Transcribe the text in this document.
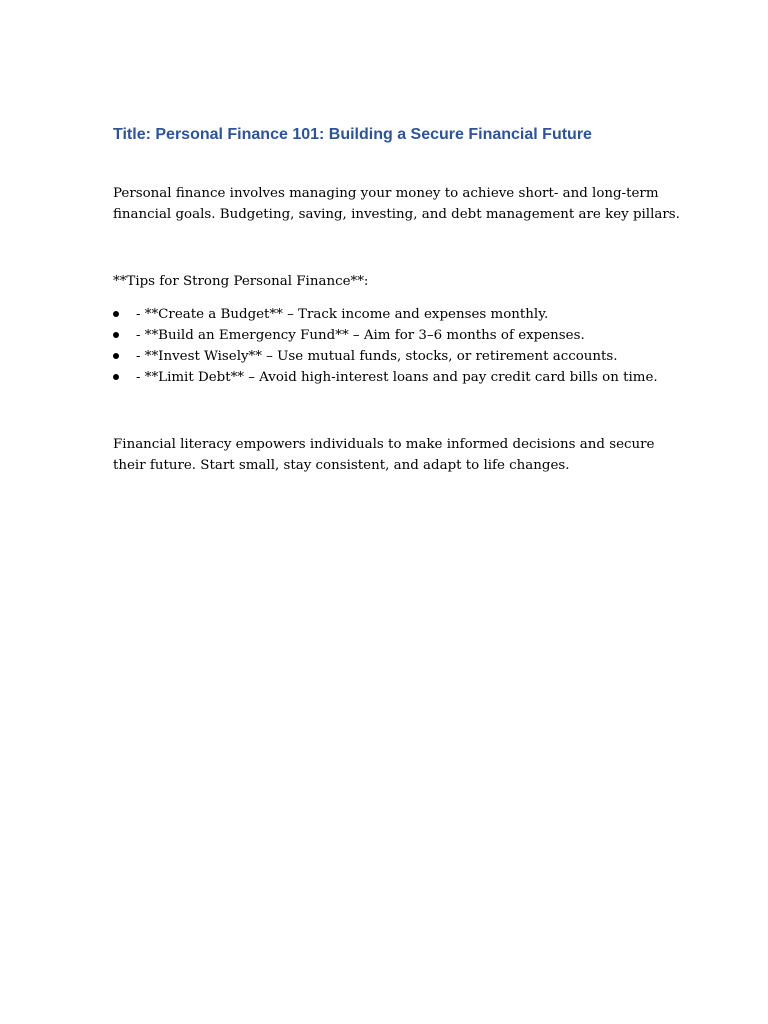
Title: Personal Finance 101: Building a Secure Financial Future
Personal finance involves managing your money to achieve short- and long-term
financial goals. Budgeting, saving, investing, and debt management are key pillars.
**Tips for Strong Personal Finance**:
- **Create a Budget** – Track income and expenses monthly.
- **Build an Emergency Fund** – Aim for 3–6 months of expenses.
- **Invest Wisely** – Use mutual funds, stocks, or retirement accounts.
- **Limit Debt** – Avoid high-interest loans and pay credit card bills on time.
Financial literacy empowers individuals to make informed decisions and secure
their future. Start small, stay consistent, and adapt to life changes.
